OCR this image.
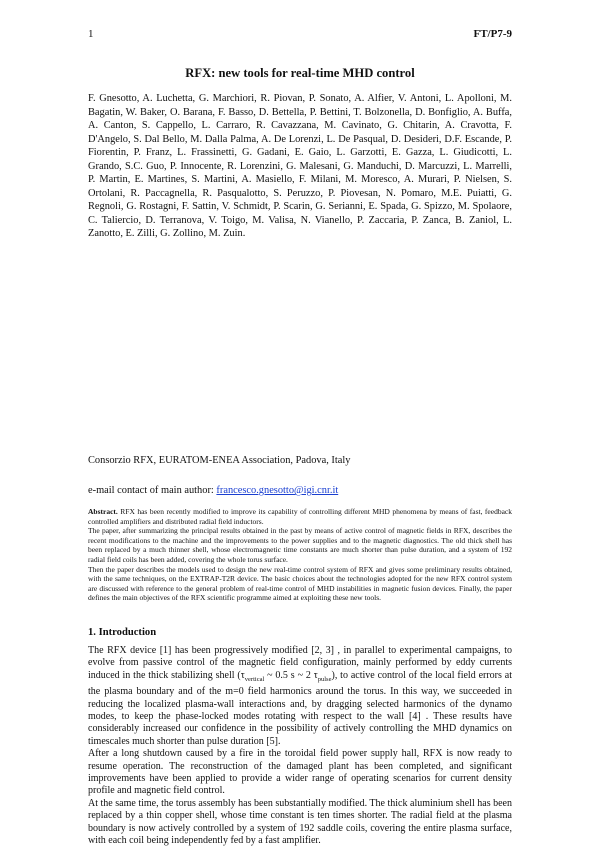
1	FT/P7-9
RFX: new tools for real-time MHD control
F. Gnesotto, A. Luchetta, G. Marchiori, R. Piovan, P. Sonato, A. Alfier, V. Antoni, L. Apolloni, M. Bagatin, W. Baker, O. Barana, F. Basso, D. Bettella, P. Bettini, T. Bolzonella, D. Bonfiglio, A. Buffa, A. Canton, S. Cappello, L. Carraro, R. Cavazzana, M. Cavinato, G. Chitarin, A. Cravotta, F. D'Angelo, S. Dal Bello, M. Dalla Palma, A. De Lorenzi, L. De Pasqual, D. Desideri, D.F. Escande, P. Fiorentin, P. Franz, L. Frassinetti, G. Gadani, E. Gaio, L. Garzotti, E. Gazza, L. Giudicotti, L. Grando, S.C. Guo, P. Innocente, R. Lorenzini, G. Malesani, G. Manduchi, D. Marcuzzi, L. Marrelli, P. Martin, E. Martines, S. Martini, A. Masiello, F. Milani, M. Moresco, A. Murari, P. Nielsen, S. Ortolani, R. Paccagnella, R. Pasqualotto, S. Peruzzo, P. Piovesan, N. Pomaro, M.E. Puiatti, G. Regnoli, G. Rostagni, F. Sattin, V. Schmidt, P. Scarin, G. Serianni, E. Spada, G. Spizzo, M. Spolaore, C. Taliercio, D. Terranova, V. Toigo, M. Valisa, N. Vianello, P. Zaccaria, P. Zanca, B. Zaniol, L. Zanotto, E. Zilli, G. Zollino, M. Zuin.
Consorzio RFX, EURATOM-ENEA Association, Padova, Italy
e-mail contact of main author: francesco.gnesotto@igi.cnr.it

Abstract. RFX has been recently modified to improve its capability of controlling different MHD phenomena by means of fast, feedback controlled amplifiers and distributed radial field inductors.

The paper, after summarizing the principal results obtained in the past by means of active control of magnetic fields in RFX, describes the recent modifications to the machine and the improvements to the power supplies and to the magnetic diagnostics. The old thick shell has been replaced by a much thinner shell, whose electromagnetic time constants are much shorter than pulse duration, and a system of 192 radial field coils has been added, covering the whole torus surface.

Then the paper describes the models used to design the new real-time control system of RFX and gives some preliminary results obtained, with the same techniques, on the EXTRAP-T2R device. The basic choices about the technologies adopted for the new RFX control system are discussed with reference to the general problem of real-time control of MHD instabilities in magnetic fusion devices. Finally, the paper defines the main objectives of the RFX scientific programme aimed at exploiting these new tools.

1. Introduction

The RFX device [1] has been progressively modified [2, 3] , in parallel to experimental campaigns, to evolve from passive control of the magnetic field configuration, mainly performed by eddy currents induced in the thick stabilizing shell ($\tau_{vertical}$ ~ 0.5 s ~ 2 $\tau_{pulse}$), to active control of the local field errors at the plasma boundary and of the m=0 field harmonics around the torus. In this way, we succeeded in reducing the localized plasma-wall interactions and, by dragging selected harmonics of the dynamo modes, to keep the phase-locked modes rotating with respect to the wall [4] . These results have considerably increased our confidence in the possibility of actively controlling the MHD dynamics on timescales much shorter than pulse duration [5].

After a long shutdown caused by a fire in the toroidal field power supply hall, RFX is now ready to resume operation. The reconstruction of the damaged plant has been completed, and significant improvements have been applied to provide a wider range of operating scenarios for current density profile and magnetic field control.

At the same time, the torus assembly has been substantially modified. The thick aluminium shell has been replaced by a thin copper shell, whose time constant is ten times shorter. The radial field at the plasma boundary is now actively controlled by a system of 192 saddle coils, covering the entire plasma surface, with each coil being independently fed by a fast amplifier.
